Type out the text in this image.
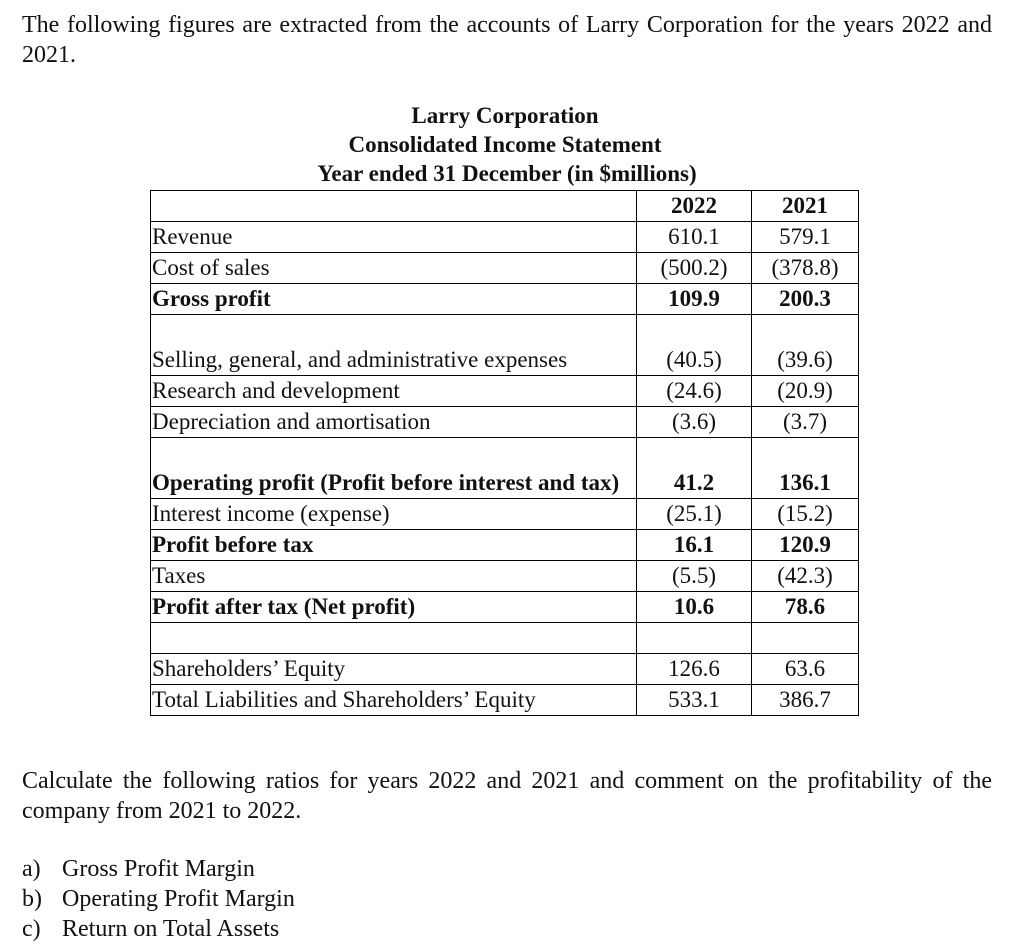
The following figures are extracted from the accounts of Larry Corporation for the years 2022 and 2021.
Larry Corporation
Consolidated Income Statement
Year ended 31 December (in $millions)
	2022	2021
Revenue	610.1	579.1
Cost of sales	(500.2)	(378.8)
Gross profit	109.9	200.3
Selling, general, and administrative expenses	(40.5)	(39.6)
Research and development	(24.6)	(20.9)
Depreciation and amortisation	(3.6)	(3.7)
Operating profit (Profit before interest and tax)	41.2	136.1
Interest income (expense)	(25.1)	(15.2)
Profit before tax	16.1	120.9
Taxes	(5.5)	(42.3)
Profit after tax (Net profit)	10.6	78.6

Shareholders’ Equity	126.6	63.6
Total Liabilities and Shareholders’ Equity	533.1	386.7
Calculate the following ratios for years 2022 and 2021 and comment on the profitability of the company from 2021 to 2022.
a) Gross Profit Margin
b) Operating Profit Margin
c) Return on Total Assets
